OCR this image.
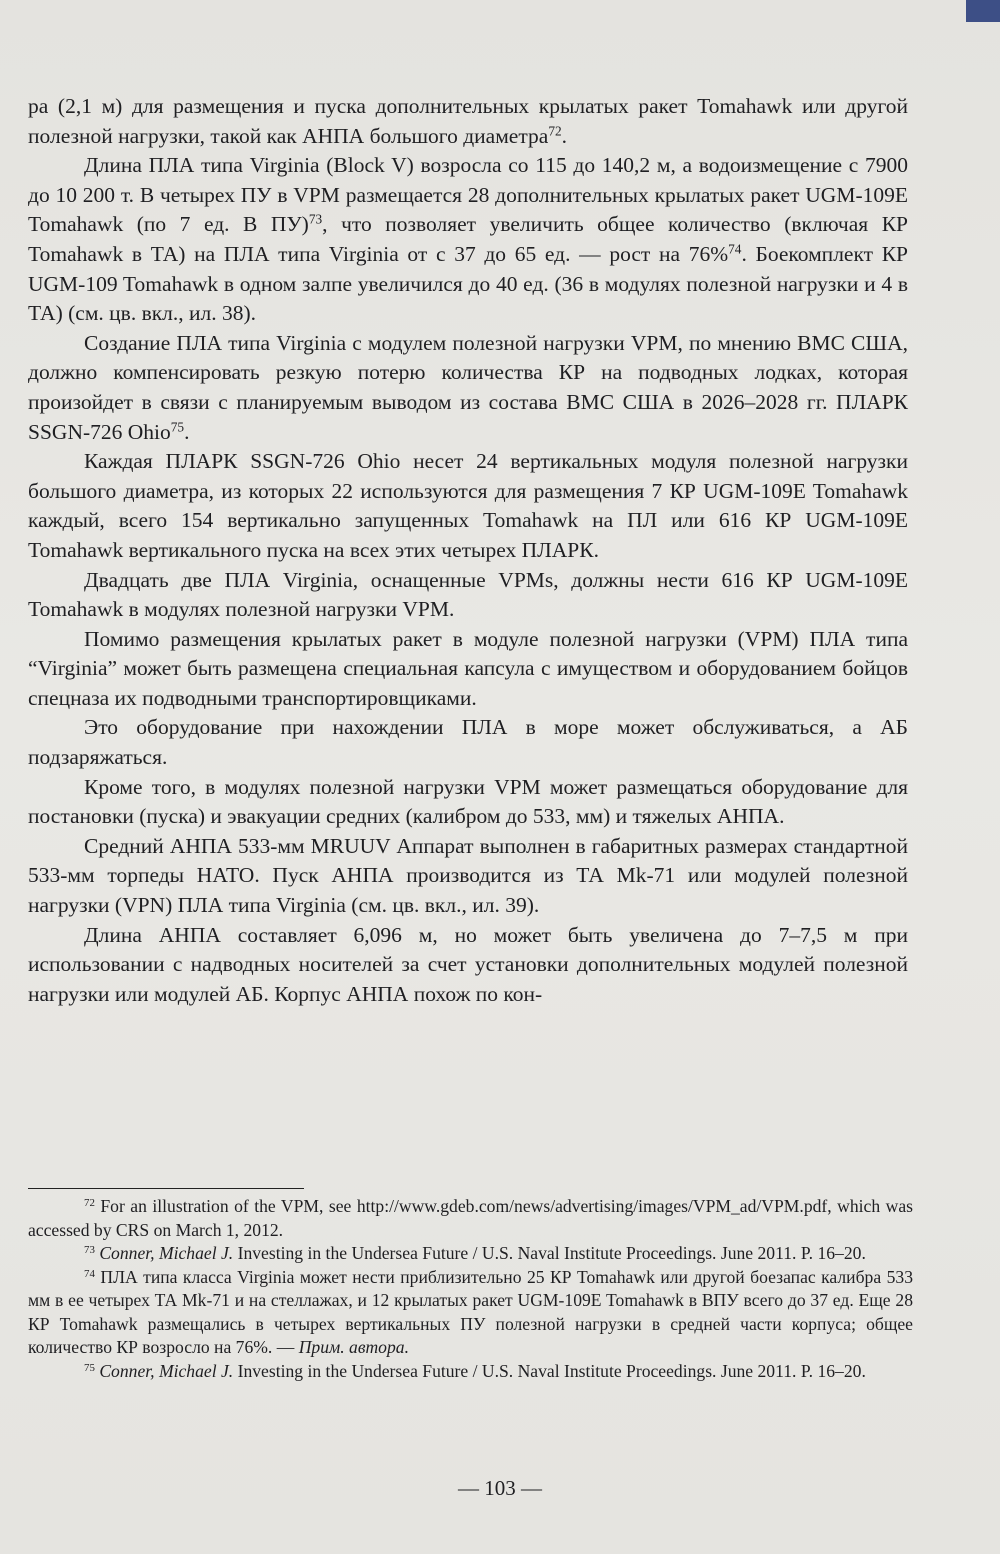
ра (2,1 м) для размещения и пуска дополнительных крылатых ракет Tomahawk или другой полезной нагрузки, такой как АНПА большого диаметра$^{72}$.

Длина ПЛА типа Virginia (Block V) возросла со 115 до 140,2 м, а водоизмещение с 7900 до 10 200 т. В четырех ПУ в VPM размещается 28 дополнительных крылатых ракет UGM-109E Tomahawk (по 7 ед. В ПУ)$^{73}$, что позволяет увеличить общее количество (включая КР Tomahawk в ТА) на ПЛА типа Virginia от с 37 до 65 ед. — рост на 76%$^{74}$. Боекомплект КР UGM-109 Tomahawk в одном залпе увеличился до 40 ед. (36 в модулях полезной нагрузки и 4 в ТА) (см. цв. вкл., ил. 38).

Создание ПЛА типа Virginia с модулем полезной нагрузки VPM, по мнению ВМС США, должно компенсировать резкую потерю количества КР на подводных лодках, которая произойдет в связи с планируемым выводом из состава ВМС США в 2026–2028 гг. ПЛАРК SSGN-726 Ohio$^{75}$.

Каждая ПЛАРК SSGN-726 Ohio несет 24 вертикальных модуля полезной нагрузки большого диаметра, из которых 22 используются для размещения 7 КР UGM-109E Tomahawk каждый, всего 154 вертикально запущенных Tomahawk на ПЛ или 616 КР UGM-109E Tomahawk вертикального пуска на всех этих четырех ПЛАРК.

Двадцать две ПЛА Virginia, оснащенные VPMs, должны нести 616 КР UGM-109E Tomahawk в модулях полезной нагрузки VPM.

Помимо размещения крылатых ракет в модуле полезной нагрузки (VPM) ПЛА типа “Virginia” может быть размещена специальная капсула с имуществом и оборудованием бойцов спецназа их подводными транспортировщиками.

Это оборудование при нахождении ПЛА в море может обслуживаться, а АБ подзаряжаться.

Кроме того, в модулях полезной нагрузки VPM может размещаться оборудование для постановки (пуска) и эвакуации средних (калибром до 533, мм) и тяжелых АНПА.

Средний АНПА 533-мм MRUUV Аппарат выполнен в габаритных размерах стандартной 533-мм торпеды НАТО. Пуск АНПА производится из ТА Mk-71 или модулей полезной нагрузки (VPN) ПЛА типа Virginia (см. цв. вкл., ил. 39).

Длина АНПА составляет 6,096 м, но может быть увеличена до 7–7,5 м при использовании с надводных носителей за счет установки дополнительных модулей полезной нагрузки или модулей АБ. Корпус АНПА похож по кон-

$^{72}$ For an illustration of the VPM, see http://www.gdeb.com/news/advertising/images/VPM_ad/VPM.pdf, which was accessed by CRS on March 1, 2012.

$^{73}$ Conner, Michael J. Investing in the Undersea Future / U.S. Naval Institute Proceedings. June 2011. P. 16–20.

$^{74}$ ПЛА типа класса Virginia может нести приблизительно 25 КР Tomahawk или другой боезапас калибра 533 мм в ее четырех ТА Mk-71 и на стеллажах, и 12 крылатых ракет UGM-109E Tomahawk в ВПУ всего до 37 ед. Еще 28 КР Tomahawk размещались в четырех вертикальных ПУ полезной нагрузки в средней части корпуса; общее количество КР возросло на 76%. — Прим. автора.

$^{75}$ Conner, Michael J. Investing in the Undersea Future / U.S. Naval Institute Proceedings. June 2011. P. 16–20.

— 103 —
